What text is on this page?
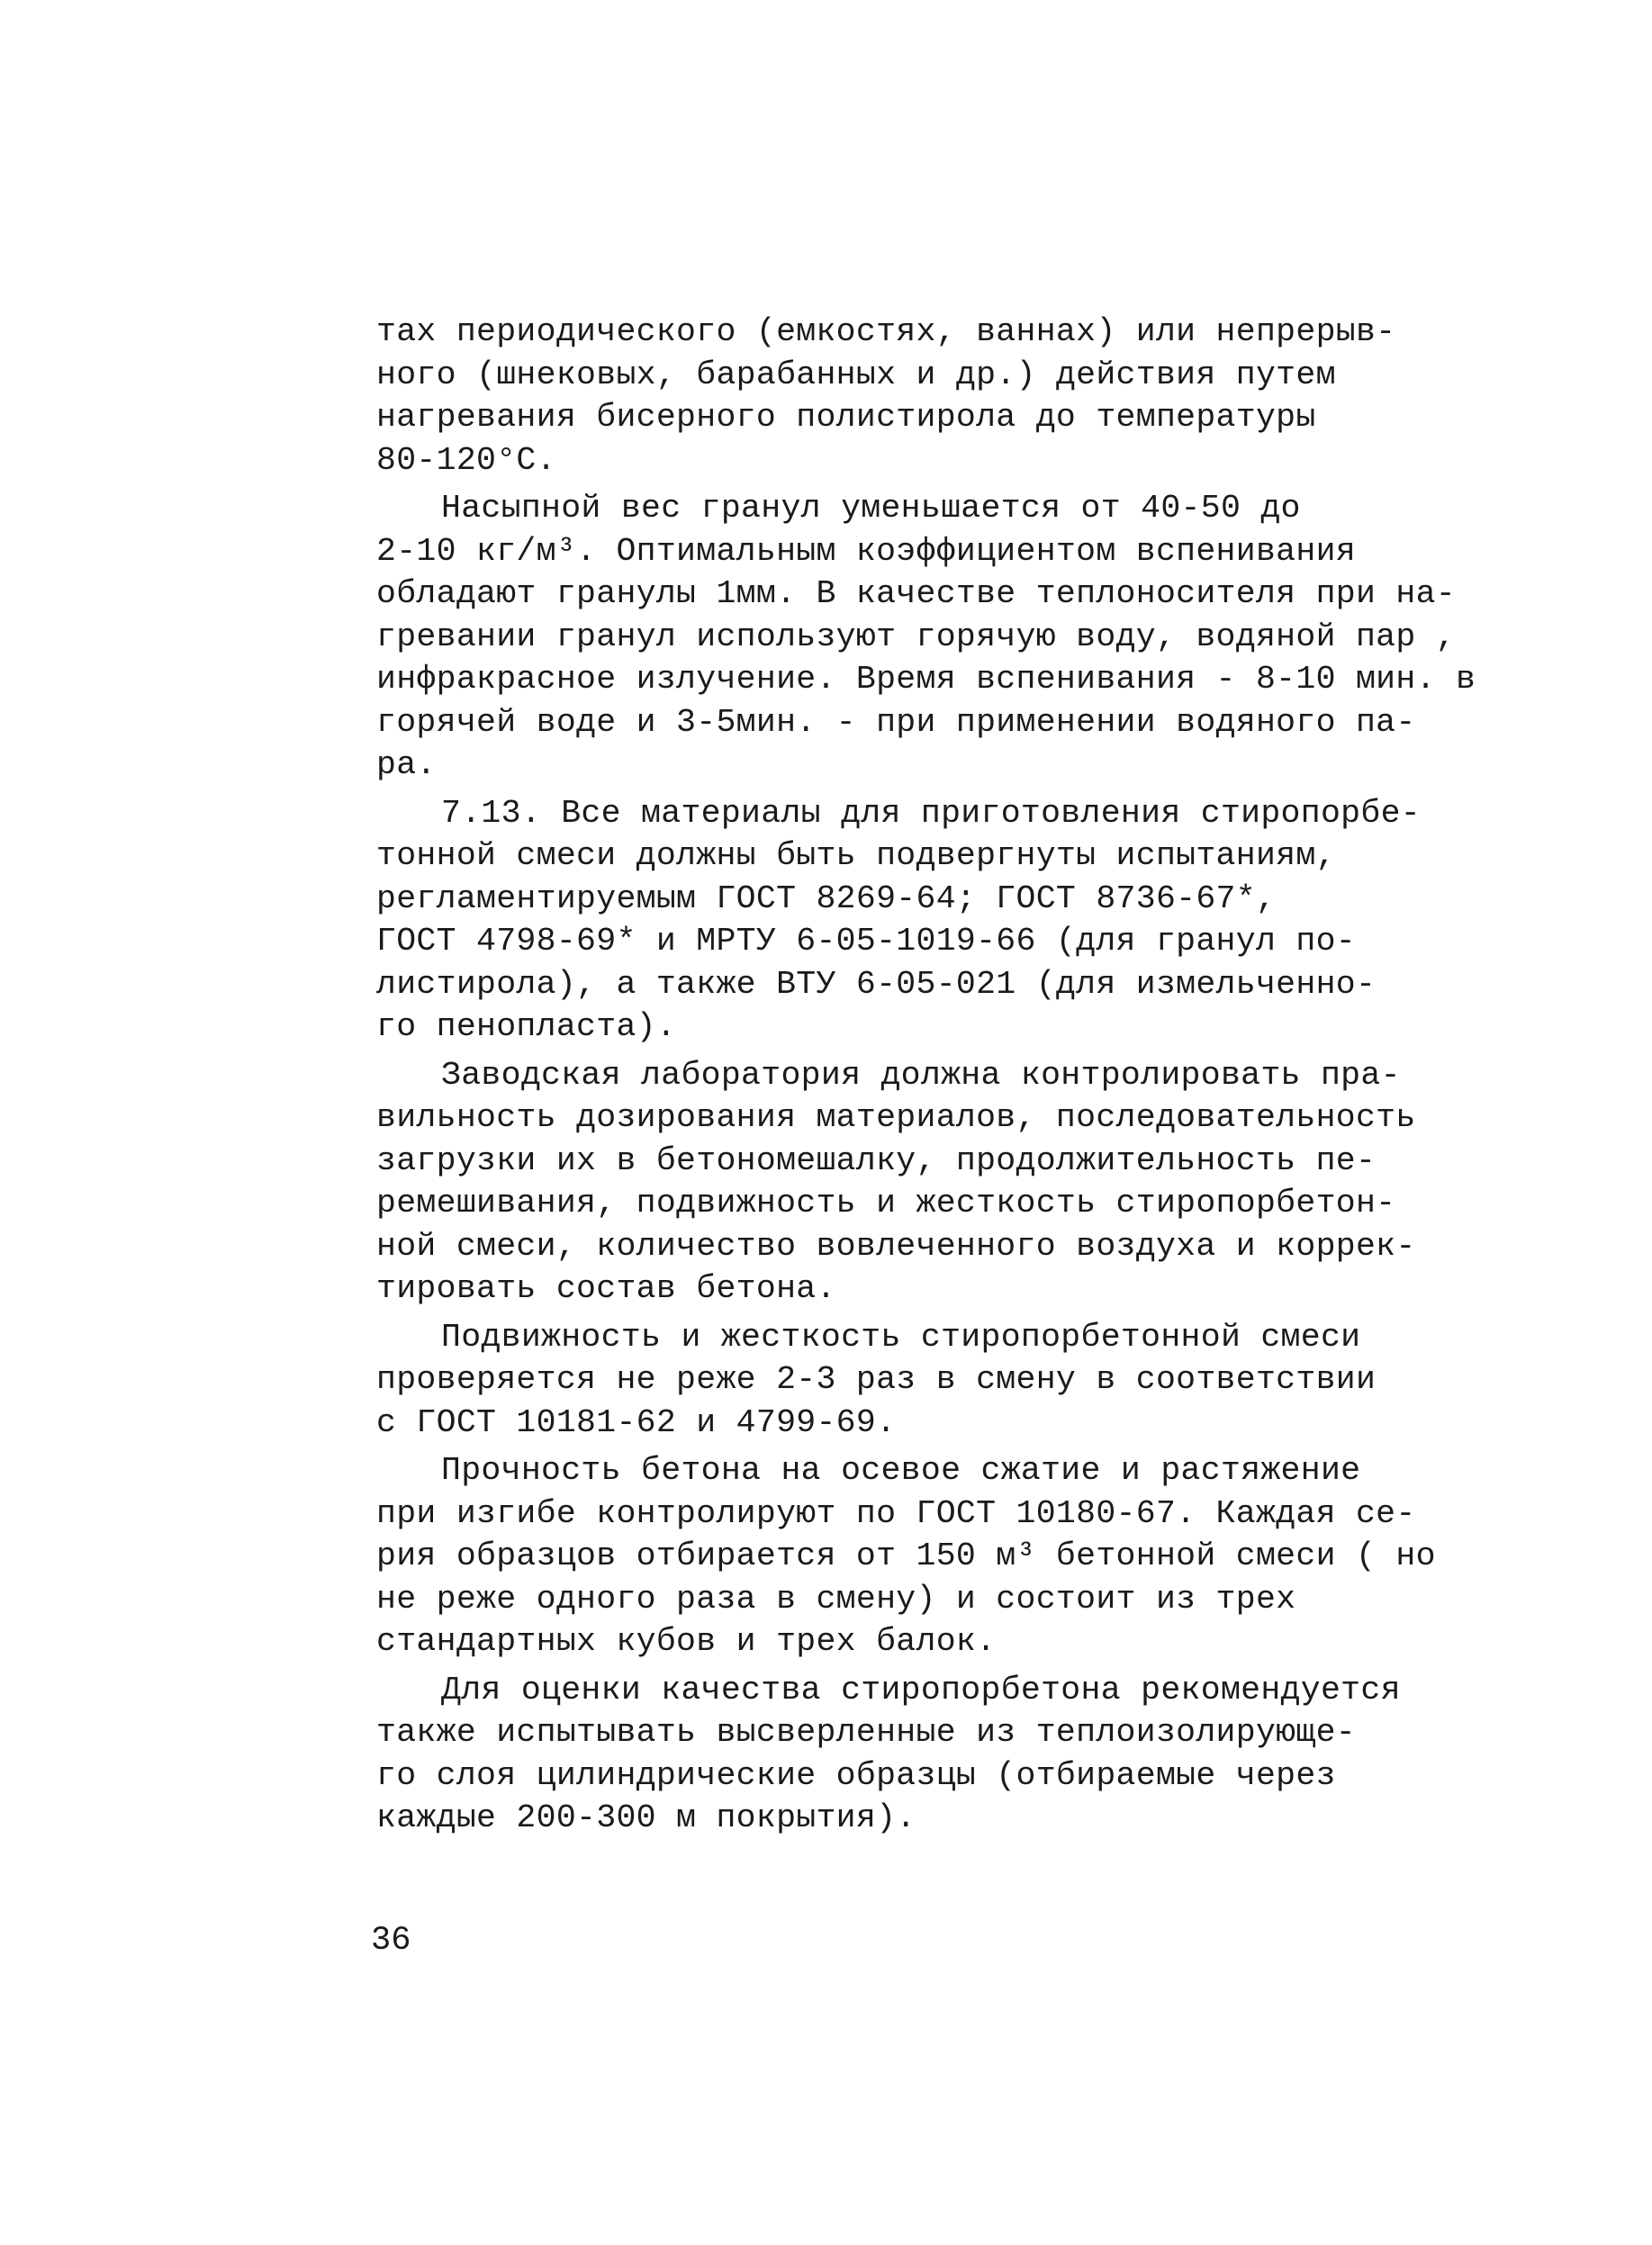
тах периодического (емкостях, ваннах) или непрерыв-
ного (шнековых, барабанных и др.) действия путем
нагревания бисерного полистирола до температуры
80-120°С.

Насыпной вес гранул уменьшается от 40-50 до
2-10 кг/м³. Оптимальным коэффициентом вспенивания
обладают гранулы 1мм. В качестве теплоносителя при на-
гревании гранул используют горячую воду, водяной пар ,
инфракрасное излучение. Время вспенивания - 8-10 мин. в
горячей воде и 3-5мин. - при применении водяного па-
ра.

7.13. Все материалы для приготовления стиропорбе-
тонной смеси должны быть подвергнуты испытаниям,
регламентируемым ГОСТ 8269-64; ГОСТ 8736-67*,
ГОСТ 4798-69* и МРТУ 6-05-1019-66 (для гранул по-
листирола), а также ВТУ 6-05-021 (для измельченно-
го пенопласта).

Заводская лаборатория должна контролировать пра-
вильность дозирования материалов, последовательность
загрузки их в бетономешалку, продолжительность пе-
ремешивания, подвижность и жесткость стиропорбетон-
ной смеси, количество вовлеченного воздуха и коррек-
тировать состав бетона.

Подвижность и жесткость стиропорбетонной смеси
проверяется не реже 2-3 раз в смену в соответствии
с ГОСТ 10181-62 и 4799-69.

Прочность бетона на осевое сжатие и растяжение
при изгибе контролируют по ГОСТ 10180-67. Каждая се-
рия образцов отбирается от 150 м³ бетонной смеси ( но
не реже одного раза в смену) и состоит из трех
стандартных кубов и трех балок.

Для оценки качества стиропорбетона рекомендуется
также испытывать высверленные из теплоизолирующе-
го слоя цилиндрические образцы (отбираемые через
каждые 200-300 м покрытия).

36
